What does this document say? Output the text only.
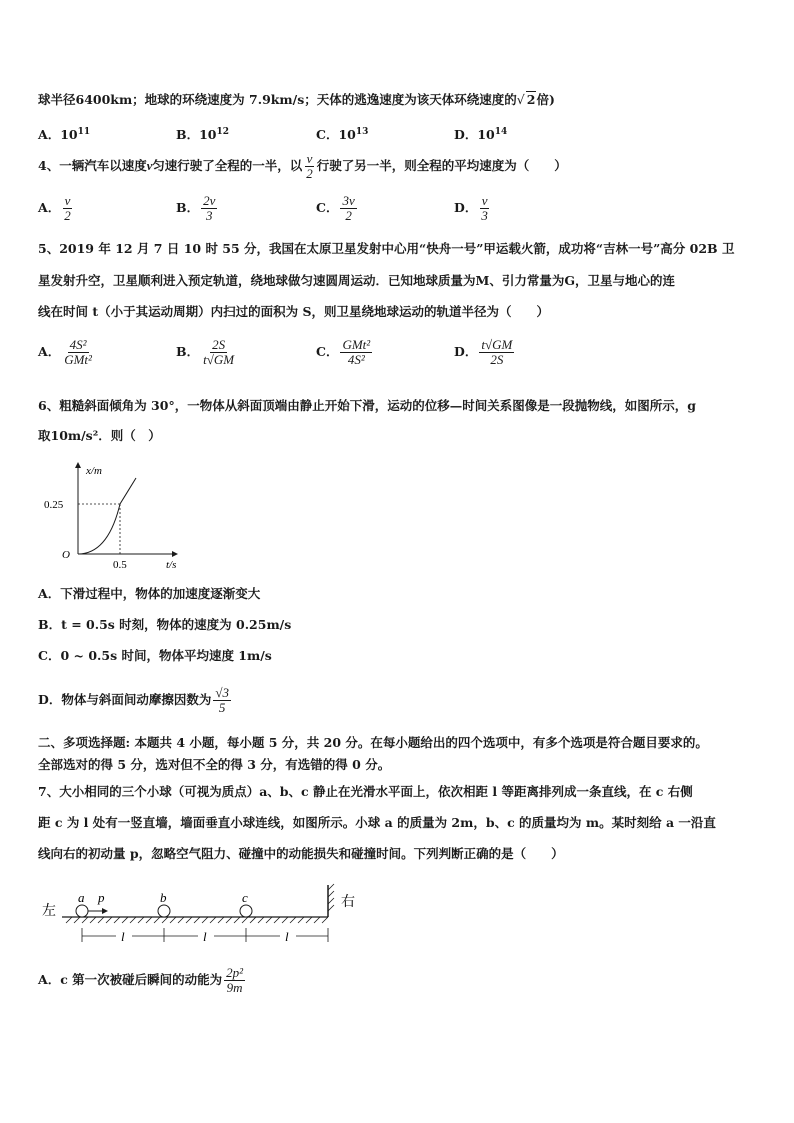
球半径6400km；地球的环绕速度为 7.9km/s；天体的逃逸速度为该天体环绕速度的√ 2倍)
A．$10^{11}$	B．$10^{12}$	C．$10^{13}$	D．$10^{14}$
4、一辆汽车以速度v匀速行驶了全程的一半，以 $\frac{v}{2}$ 行驶了另一半，则全程的平均速度为（　　）
A． $\frac{v}{2}$	B． $\frac{2v}{3}$	C． $\frac{3v}{2}$	D． $\frac{v}{3}$
5、2019 年 12 月 7 日 10 时 55 分，我国在太原卫星发射中心用“快舟一号”甲运载火箭，成功将“吉林一号”高分 02B 卫
星发射升空，卫星顺利进入预定轨道，绕地球做匀速圆周运动．已知地球质量为M、引力常量为G，卫星与地心的连
线在时间 t（小于其运动周期）内扫过的面积为 S，则卫星绕地球运动的轨道半径为（　　）
A． $\frac{\text{4S²}}{\text{GMt²}}$	B． $\frac{2S}{t√GM}$	C． $\frac{\text{GMt²}}{\text{4S²}}$	D． $\frac{t√GM}{2S}$
6、粗糙斜面倾角为 30°，一物体从斜面顶端由静止开始下滑，运动的位移—时间关系图像是一段抛物线，如图所示，g
取10m/s²．则（　）
x/m
t/s
O
0.25
0.5
A．下滑过程中，物体的加速度逐渐变大
B．t = 0.5s 时刻，物体的速度为 0.25m/s
C．0 ~ 0.5s 时间，物体平均速度 1m/s
D．物体与斜面间动摩擦因数为 $\frac{√3}{5}$
二、多项选择题: 本题共 4 小题，每小题 5 分，共 20 分。在每小题给出的四个选项中，有多个选项是符合题目要求的。
全部选对的得 5 分，选对但不全的得 3 分，有选错的得 0 分。
7、大小相同的三个小球（可视为质点）a、b、c 静止在光滑水平面上，依次相距 l 等距离排列成一条直线，在 c 右侧
距 c 为 l 处有一竖直墙，墙面垂直小球连线，如图所示。小球 a 的质量为 2m，b、c 的质量均为 m。某时刻给 a 一沿直
线向右的初动量 p，忽略空气阻力、碰撞中的动能损失和碰撞时间。下列判断正确的是（　　）
左
右
a	b	c
p
l	l	l
A．c 第一次被碰后瞬间的动能为 $\frac{\text{2p²}}{9m}$
